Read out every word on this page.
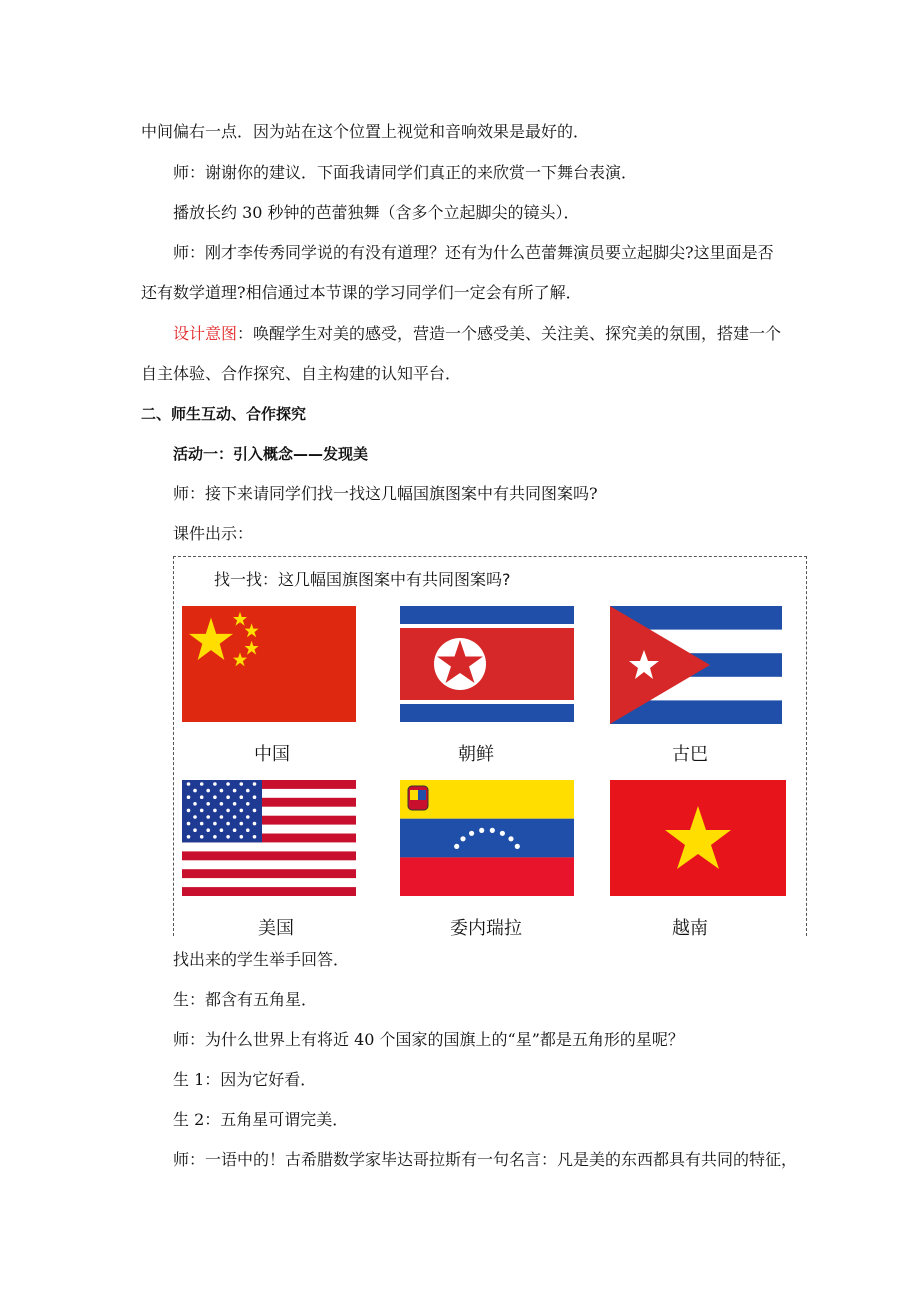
中间偏右一点．因为站在这个位置上视觉和音响效果是最好的．
师：谢谢你的建议．下面我请同学们真正的来欣赏一下舞台表演．
播放长约 30 秒钟的芭蕾独舞（含多个立起脚尖的镜头）．
师：刚才李传秀同学说的有没有道理？还有为什么芭蕾舞演员要立起脚尖?这里面是否
还有数学道理?相信通过本节课的学习同学们一定会有所了解．
设计意图：唤醒学生对美的感受，营造一个感受美、关注美、探究美的氛围，搭建一个
自主体验、合作探究、自主构建的认知平台．
二、师生互动、合作探究
活动一：引入概念——发现美
师：接下来请同学们找一找这几幅国旗图案中有共同图案吗?
课件出示：
找一找：这几幅国旗图案中有共同图案吗?
中国	朝鲜	古巴
美国	委内瑞拉	越南
找出来的学生举手回答．
生：都含有五角星．
师：为什么世界上有将近 40 个国家的国旗上的“星”都是五角形的星呢？
生 1：因为它好看．
生 2：五角星可谓完美．
师：一语中的！古希腊数学家毕达哥拉斯有一句名言：凡是美的东西都具有共同的特征，
